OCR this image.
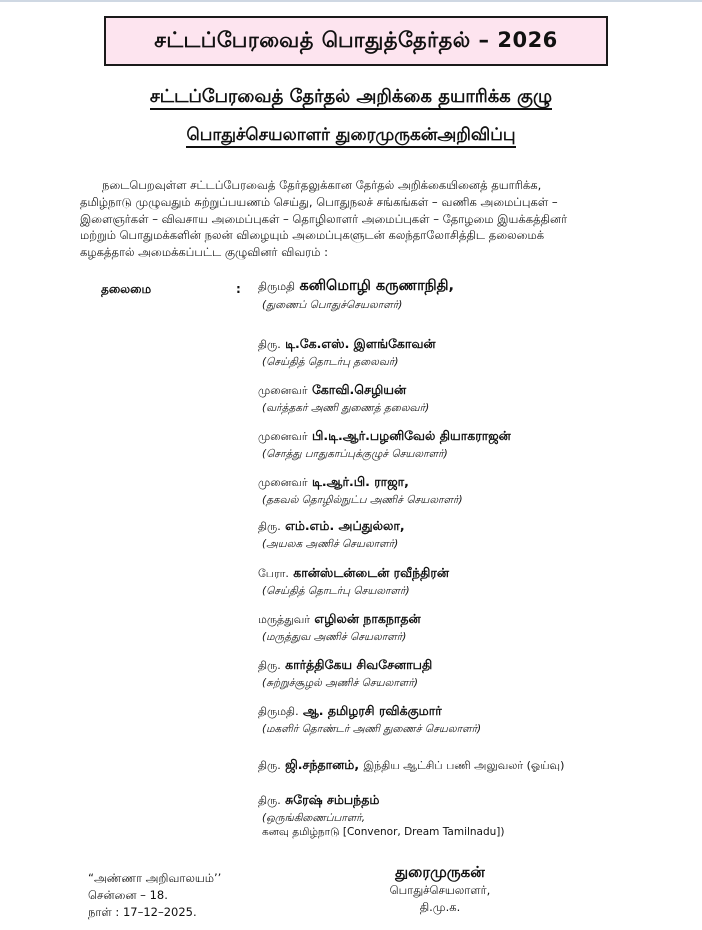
சட்டப்பேரவைத் பொதுத்தேர்தல் – 2026
சட்டப்பேரவைத் தேர்தல் அறிக்கை தயாரிக்க குழு
பொதுச்செயலாளர் துரைமுருகன்அறிவிப்பு
நடைபெறவுள்ள சட்டப்பேரவைத் தேர்தலுக்கான தேர்தல் அறிக்கையினைத் தயாரிக்க,
தமிழ்நாடு முழுவதும் சுற்றுப்பயணம் செய்து, பொதுநலச் சங்கங்கள் – வணிக அமைப்புகள் –
இளைஞர்கள் – விவசாய அமைப்புகள் – தொழிலாளர் அமைப்புகள் – தோழமை இயக்கத்தினர்
மற்றும் பொதுமக்களின் நலன் விழையும் அமைப்புகளுடன் கலந்தாலோசித்திட தலைமைக்
கழகத்தால் அமைக்கப்பட்ட குழுவினர் விவரம் :
தலைமை	: திருமதி கனிமொழி கருணாநிதி,
(துணைப் பொதுச்செயலாளர்)
திரு. டி.கே.எஸ். இளங்கோவன்
(செய்தித் தொடர்பு தலைவர்)
முனைவர் கோவி.செழியன்
(வர்த்தகர் அணி துணைத் தலைவர்)
முனைவர் பி.டி.ஆர்.பழனிவேல் தியாகராஜன்
(சொத்து பாதுகாப்புக்குழுச் செயலாளர்)
முனைவர் டி.ஆர்.பி. ராஜா,
(தகவல் தொழில்நுட்ப அணிச் செயலாளர்)
திரு. எம்.எம். அப்துல்லா,
(அயலக அணிச் செயலாளர்)
பேரா. கான்ஸ்டன்டைன் ரவீந்திரன்
(செய்தித் தொடர்பு செயலாளர்)
மருத்துவர் எழிலன் நாகநாதன்
(மருத்துவ அணிச் செயலாளர்)
திரு. கார்த்திகேய சிவசேனாபதி
(சுற்றுச்சூழல் அணிச் செயலாளர்)
திருமதி. ஆ. தமிழரசி ரவிக்குமார்
(மகளிர் தொண்டர் அணி துணைச் செயலாளர்)
திரு. ஜி.சந்தானம், இந்திய ஆட்சிப் பணி அலுவலர் (ஓய்வு)
திரு. சுரேஷ் சம்பந்தம்
(ஒருங்கிணைப்பாளர்,
கனவு தமிழ்நாடு [Convenor, Dream Tamilnadu])
“அண்ணா அறிவாலயம்’’
சென்னை – 18.
நாள் : 17–12–2025.
துரைமுருகன்
பொதுச்செயலாளர்,
தி.மு.க.
